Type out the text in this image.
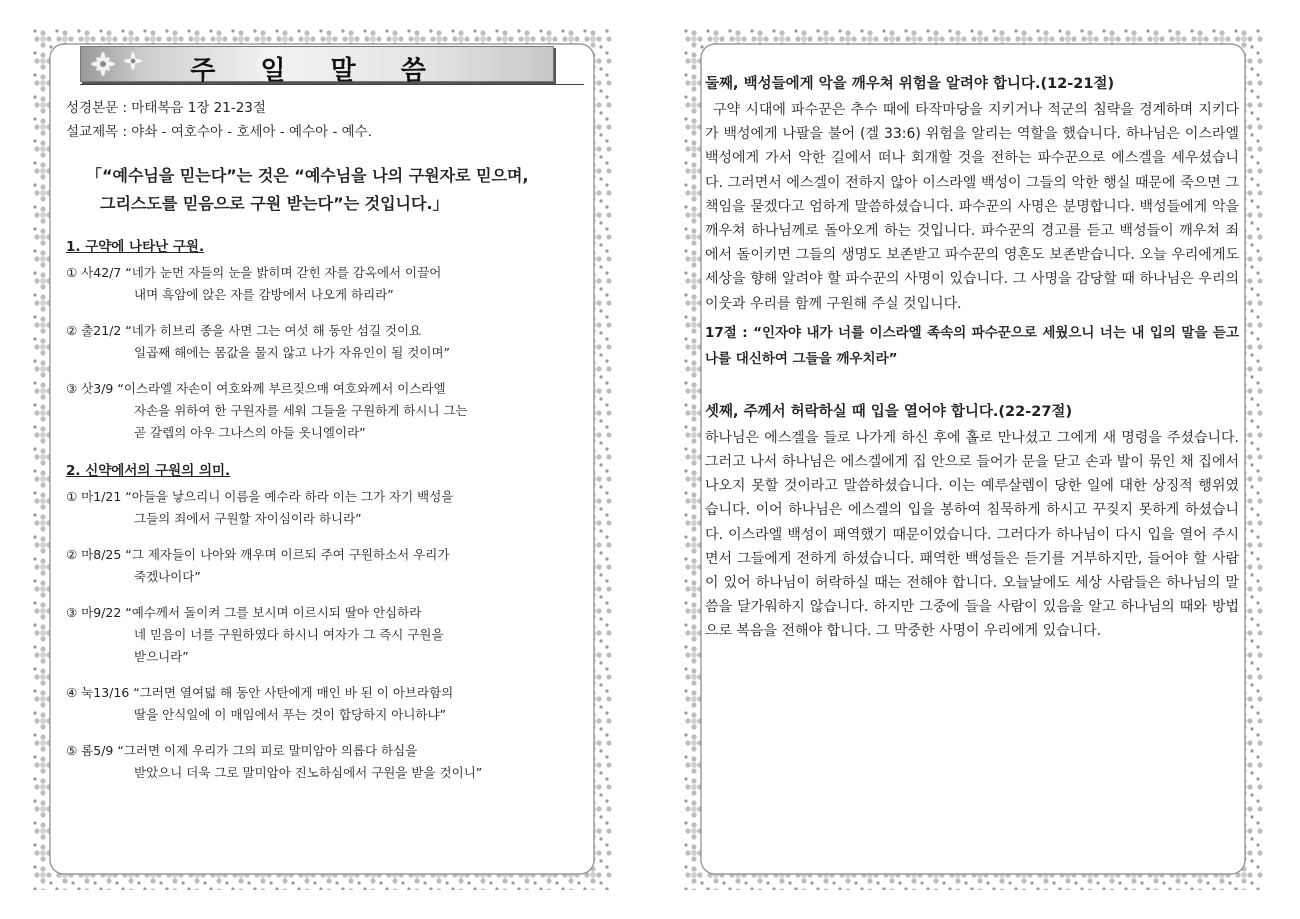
주 일 말 씀
성경본문 : 마태복음 1장 21-23절
설교제목 : 야솨 - 여호수아 - 호세아 - 예수아 - 예수.
「“예수님을 믿는다”는 것은 “예수님을 나의 구원자로 믿으며,
그리스도를 믿음으로 구원 받는다”는 것입니다.」
1. 구약에 나타난 구원.
① 사42/7 “네가 눈먼 자들의 눈을 밝히며 갇힌 자를 감옥에서 이끌어
내며 흑암에 앉은 자를 감방에서 나오게 하리라”
② 출21/2 “네가 히브리 종을 사면 그는 여섯 해 동안 섬길 것이요
일곱째 해에는 몸값을 물지 않고 나가 자유인이 될 것이며”
③ 삿3/9 “이스라엘 자손이 여호와께 부르짖으매 여호와께서 이스라엘
자손을 위하여 한 구원자를 세워 그들을 구원하게 하시니 그는
곧 갈렙의 아우 그나스의 아들 옷니엘이라”
2. 신약에서의 구원의 의미.
① 마1/21 “아들을 낳으리니 이름을 예수라 하라 이는 그가 자기 백성을
그들의 죄에서 구원할 자이심이라 하니라”
② 마8/25 “그 제자들이 나아와 깨우며 이르되 주여 구원하소서 우리가
죽겠나이다”
③ 마9/22 “예수께서 돌이켜 그를 보시며 이르시되 딸아 안심하라
네 믿음이 너를 구원하였다 하시니 여자가 그 즉시 구원을
받으니라”
④ 눅13/16 “그러면 열여덟 해 동안 사탄에게 매인 바 된 이 아브라함의
딸을 안식일에 이 매임에서 푸는 것이 합당하지 아니하냐”
⑤ 롬5/9 “그러면 이제 우리가 그의 피로 말미암아 의롭다 하심을
받았으니 더욱 그로 말미암아 진노하심에서 구원을 받을 것이니”
둘째, 백성들에게 악을 깨우쳐 위험을 알려야 합니다.(12-21절)
구약 시대에 파수꾼은 추수 때에 타작마당을 지키거나 적군의 침략을 경계하며 지키다가 백성에게 나팔을 불어 (겔 33:6) 위험을 알리는 역할을 했습니다. 하나님은 이스라엘 백성에게 가서 악한 길에서 떠나 회개할 것을 전하는 파수꾼으로 에스겔을 세우셨습니다. 그러면서 에스겔이 전하지 않아 이스라엘 백성이 그들의 악한 행실 때문에 죽으면 그 책임을 묻겠다고 엄하게 말씀하셨습니다. 파수꾼의 사명은 분명합니다. 백성들에게 악을 깨우쳐 하나님께로 돌아오게 하는 것입니다. 파수꾼의 경고를 듣고 백성들이 깨우쳐 죄에서 돌이키면 그들의 생명도 보존받고 파수꾼의 영혼도 보존받습니다. 오늘 우리에게도 세상을 향해 알려야 할 파수꾼의 사명이 있습니다. 그 사명을 감당할 때 하나님은 우리의 이웃과 우리를 함께 구원해 주실 것입니다.
17절 : “인자야 내가 너를 이스라엘 족속의 파수꾼으로 세웠으니 너는 내 입의 말을 듣고 나를 대신하여 그들을 깨우치라”
셋째, 주께서 허락하실 때 입을 열어야 합니다.(22-27절)
하나님은 에스겔을 들로 나가게 하신 후에 홀로 만나셨고 그에게 새 명령을 주셨습니다. 그러고 나서 하나님은 에스겔에게 집 안으로 들어가 문을 닫고 손과 발이 묶인 채 집에서 나오지 못할 것이라고 말씀하셨습니다. 이는 예루살렘이 당한 일에 대한 상징적 행위였습니다. 이어 하나님은 에스겔의 입을 봉하여 침묵하게 하시고 꾸짖지 못하게 하셨습니다. 이스라엘 백성이 패역했기 때문이었습니다. 그러다가 하나님이 다시 입을 열어 주시면서 그들에게 전하게 하셨습니다. 패역한 백성들은 듣기를 거부하지만, 들어야 할 사람이 있어 하나님이 허락하실 때는 전해야 합니다. 오늘날에도 세상 사람들은 하나님의 말씀을 달가워하지 않습니다. 하지만 그중에 들을 사람이 있음을 알고 하나님의 때와 방법으로 복음을 전해야 합니다. 그 막중한 사명이 우리에게 있습니다.
